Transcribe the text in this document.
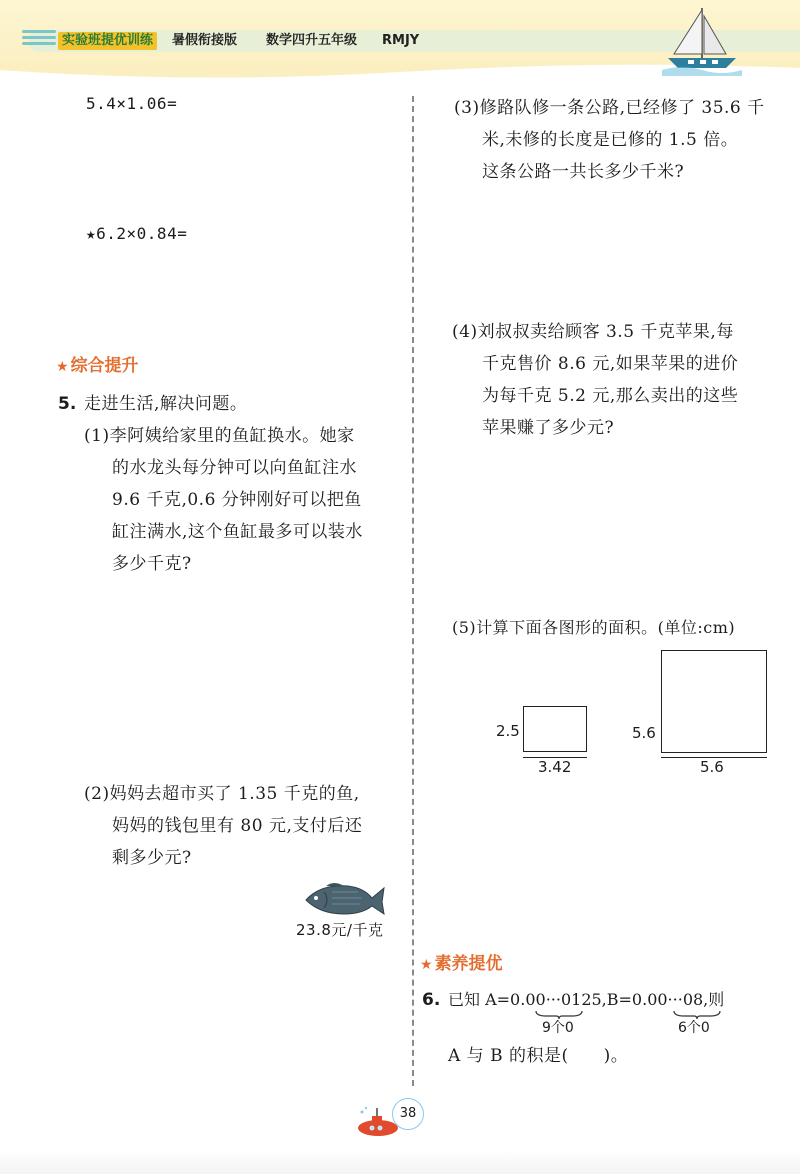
实验班提优训练	暑假衔接版 数学四升五年级 RMJY
5.4×1.06=
★6.2×0.84=
★ 综合提升
5. 走进生活,解决问题。
(1)李阿姨给家里的鱼缸换水。她家
的水龙头每分钟可以向鱼缸注水
9.6 千克,0.6 分钟刚好可以把鱼
缸注满水,这个鱼缸最多可以装水
多少千克?
(2)妈妈去超市买了 1.35 千克的鱼,
妈妈的钱包里有 80 元,支付后还
剩多少元?
23.8元/千克
(3)修路队修一条公路,已经修了 35.6 千
米,未修的长度是已修的 1.5 倍。
这条公路一共长多少千米?
(4)刘叔叔卖给顾客 3.5 千克苹果,每
千克售价 8.6 元,如果苹果的进价
为每千克 5.2 元,那么卖出的这些
苹果赚了多少元?
(5)计算下面各图形的面积。(单位:cm)
2.5
3.42
5.6
5.6
★ 素养提优
6. 已知 A=0.00···0125,B=0.00···08,则
9个0	6个0
A 与 B 的积是(　　)。
38
